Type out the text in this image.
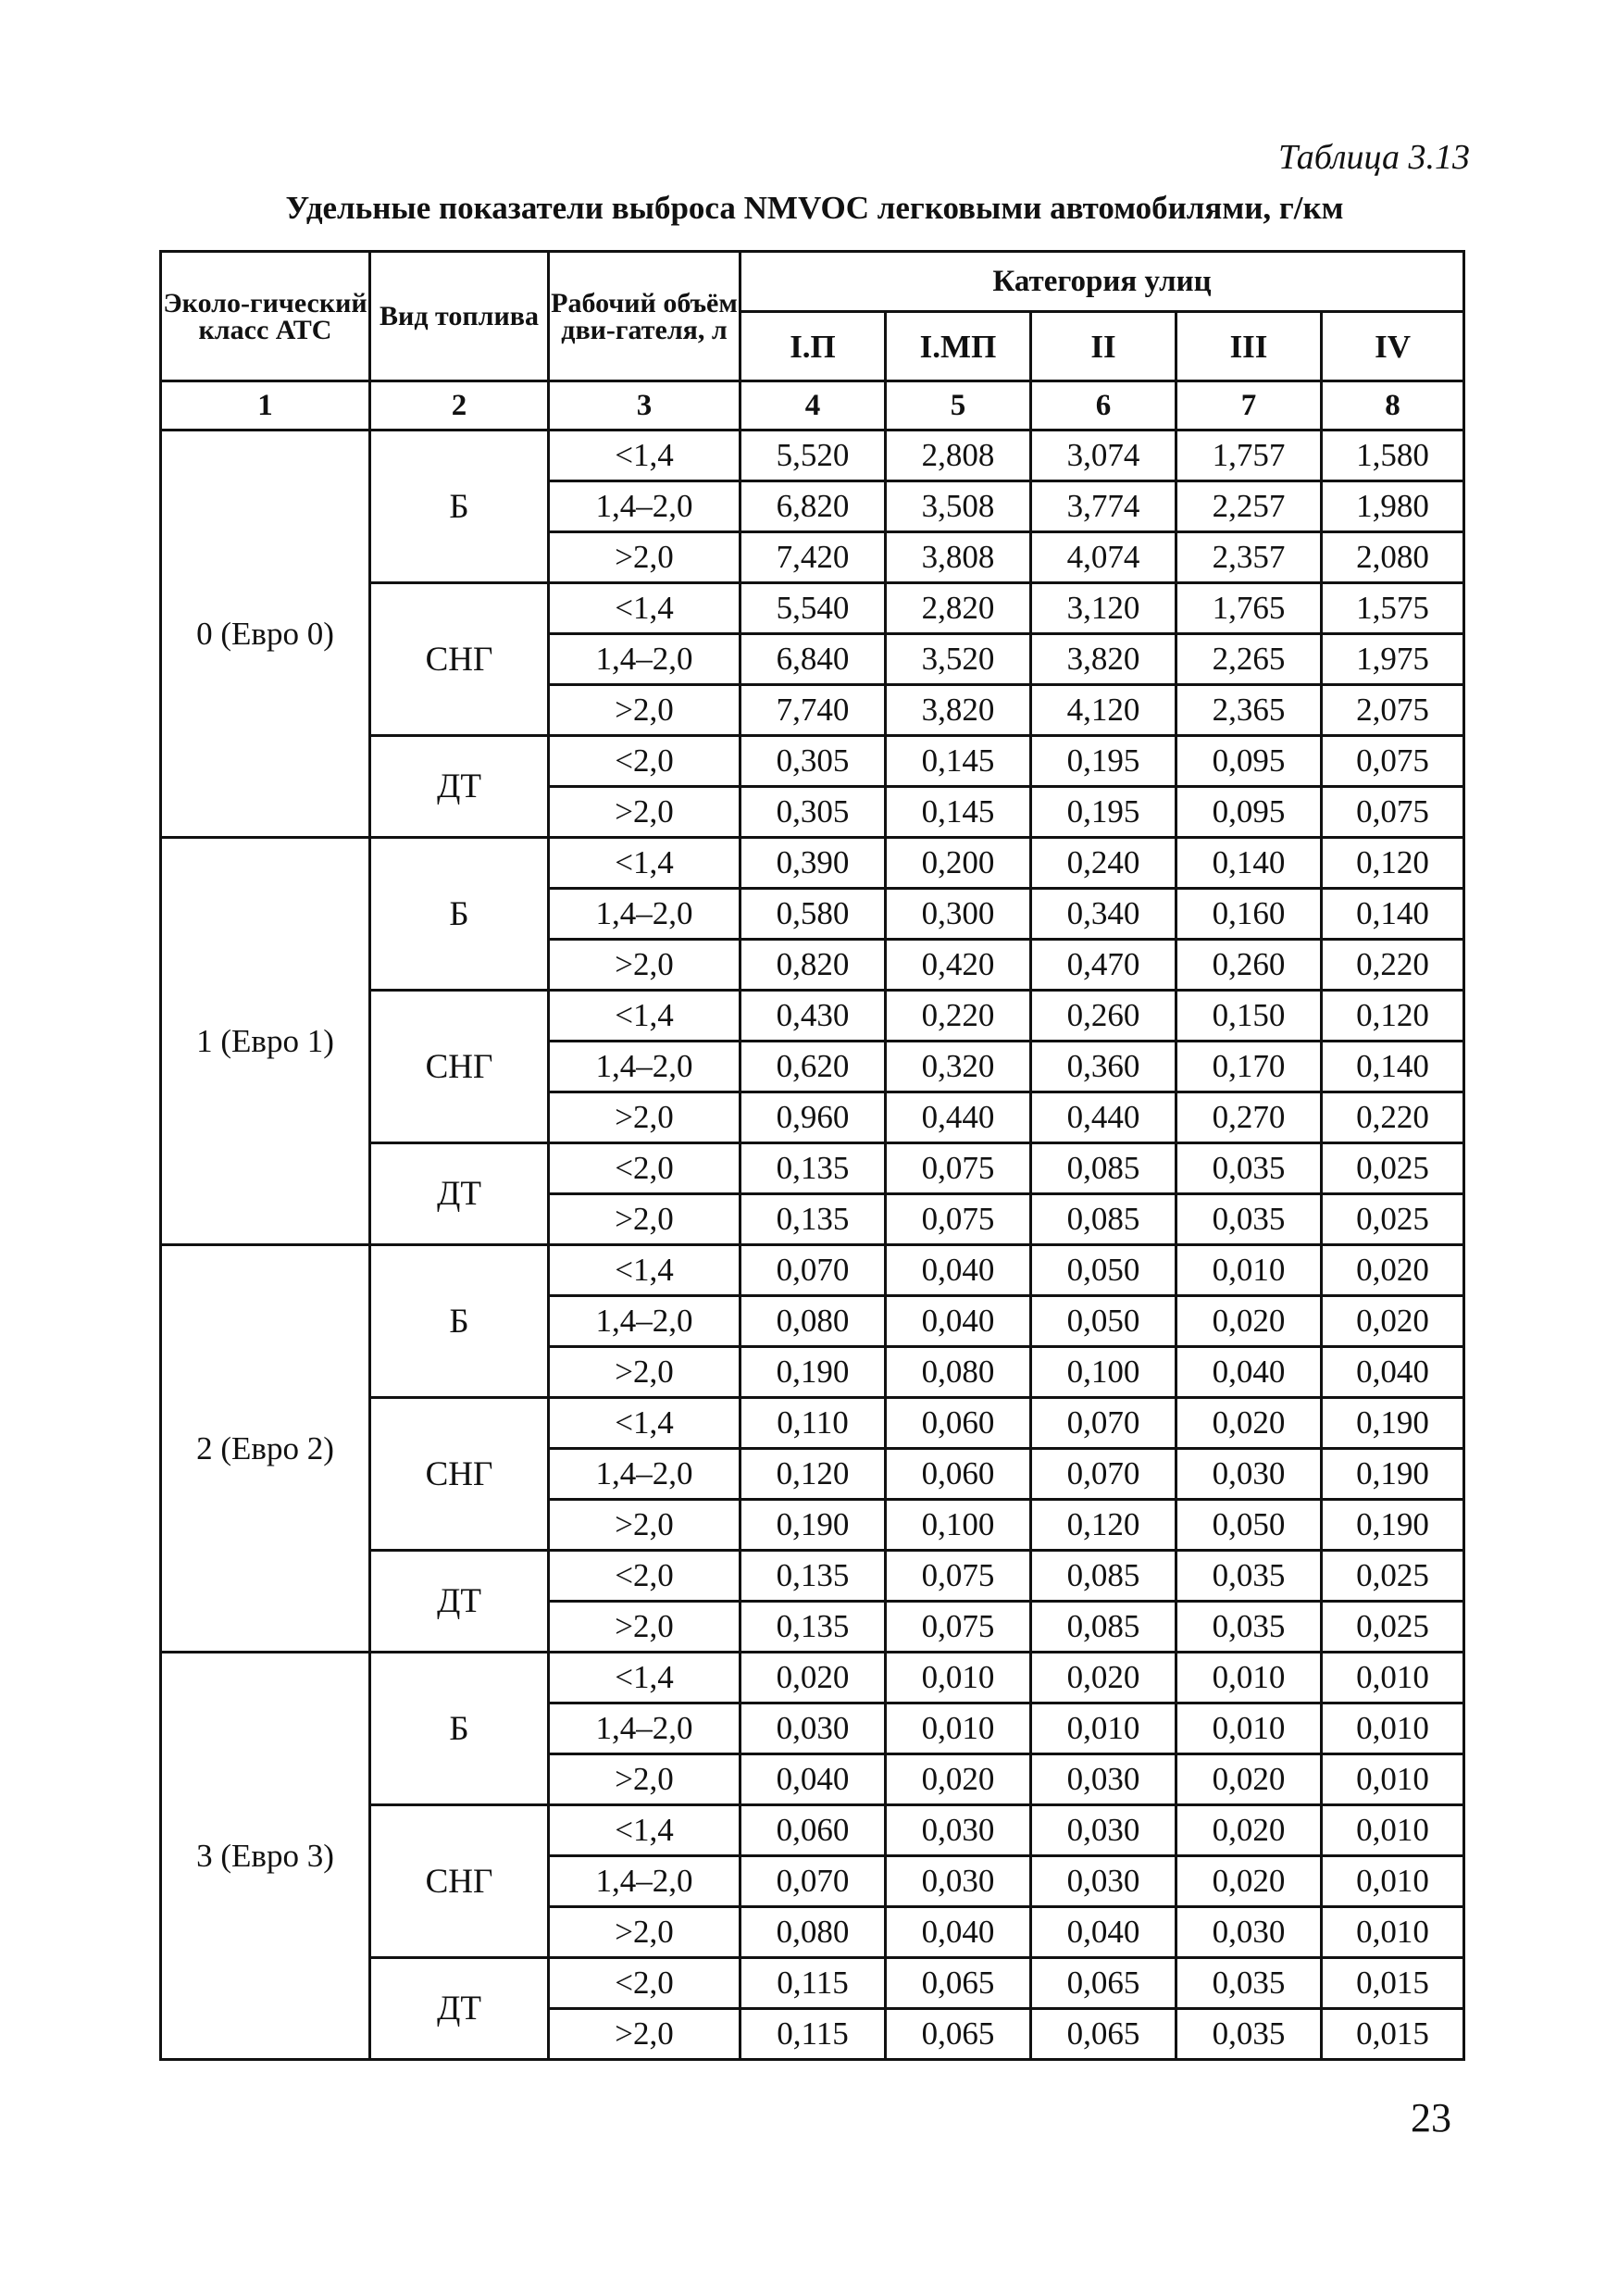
Таблица 3.13
Удельные показатели выброса NMVOC легковыми автомобилями, г/км
Эколо-гический класс АТС	Вид топлива	Рабочий объём дви-гателя, л	Категория улиц				
			I.П	I.МП	II	III	IV
1	2	3	4	5	6	7	8
0 (Евро 0)	Б	<1,4	5,520	2,808	3,074	1,757	1,580
		1,4–2,0	6,820	3,508	3,774	2,257	1,980
		>2,0	7,420	3,808	4,074	2,357	2,080
	СНГ	<1,4	5,540	2,820	3,120	1,765	1,575
		1,4–2,0	6,840	3,520	3,820	2,265	1,975
		>2,0	7,740	3,820	4,120	2,365	2,075
	ДТ	<2,0	0,305	0,145	0,195	0,095	0,075
		>2,0	0,305	0,145	0,195	0,095	0,075
1 (Евро 1)	Б	<1,4	0,390	0,200	0,240	0,140	0,120
		1,4–2,0	0,580	0,300	0,340	0,160	0,140
		>2,0	0,820	0,420	0,470	0,260	0,220
	СНГ	<1,4	0,430	0,220	0,260	0,150	0,120
		1,4–2,0	0,620	0,320	0,360	0,170	0,140
		>2,0	0,960	0,440	0,440	0,270	0,220
	ДТ	<2,0	0,135	0,075	0,085	0,035	0,025
		>2,0	0,135	0,075	0,085	0,035	0,025
2 (Евро 2)	Б	<1,4	0,070	0,040	0,050	0,010	0,020
		1,4–2,0	0,080	0,040	0,050	0,020	0,020
		>2,0	0,190	0,080	0,100	0,040	0,040
	СНГ	<1,4	0,110	0,060	0,070	0,020	0,190
		1,4–2,0	0,120	0,060	0,070	0,030	0,190
		>2,0	0,190	0,100	0,120	0,050	0,190
	ДТ	<2,0	0,135	0,075	0,085	0,035	0,025
		>2,0	0,135	0,075	0,085	0,035	0,025
3 (Евро 3)	Б	<1,4	0,020	0,010	0,020	0,010	0,010
		1,4–2,0	0,030	0,010	0,010	0,010	0,010
		>2,0	0,040	0,020	0,030	0,020	0,010
	СНГ	<1,4	0,060	0,030	0,030	0,020	0,010
		1,4–2,0	0,070	0,030	0,030	0,020	0,010
		>2,0	0,080	0,040	0,040	0,030	0,010
	ДТ	<2,0	0,115	0,065	0,065	0,035	0,015
		>2,0	0,115	0,065	0,065	0,035	0,015
23
